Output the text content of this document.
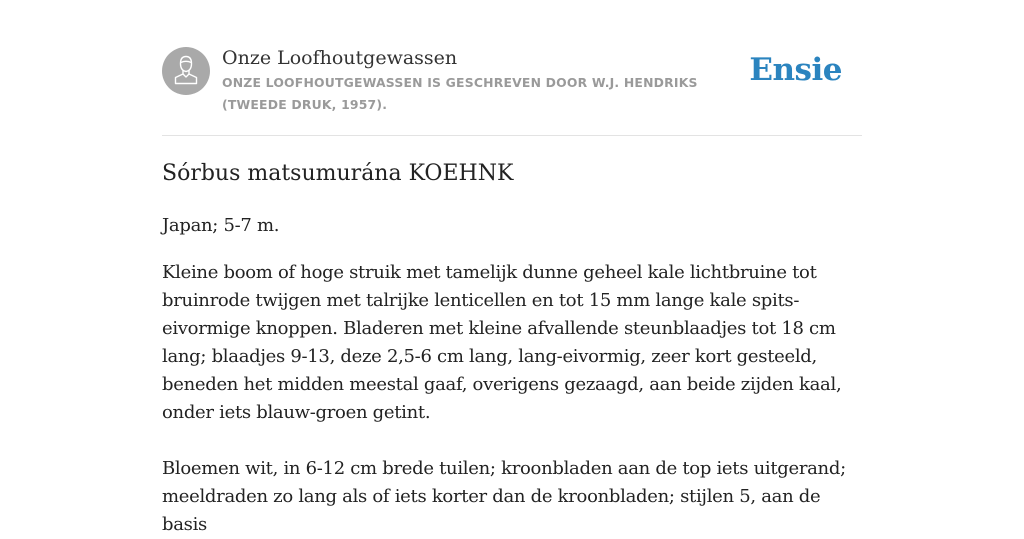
Onze Loofhoutgewassen
ONZE LOOFHOUTGEWASSEN IS GESCHREVEN DOOR W.J. HENDRIKS (TWEEDE DRUK, 1957).
Ensie
Sórbus matsumurána KOEHNK

Japan; 5-7 m.

Kleine boom of hoge struik met tamelijk dunne geheel kale lichtbruine tot bruinrode twijgen met talrijke lenticellen en tot 15 mm lange kale spits-eivormige knoppen. Bladeren met kleine afvallende steunblaadjes tot 18 cm lang; blaadjes 9-13, deze 2,5-6 cm lang, lang-eivormig, zeer kort gesteeld, beneden het midden meestal gaaf, overigens gezaagd, aan beide zijden kaal, onder iets blauw-groen getint.

Bloemen wit, in 6-12 cm brede tuilen; kroonbladen aan de top iets uitgerand; meeldraden zo lang als of iets korter dan de kroonbladen; stijlen 5, aan de basis
